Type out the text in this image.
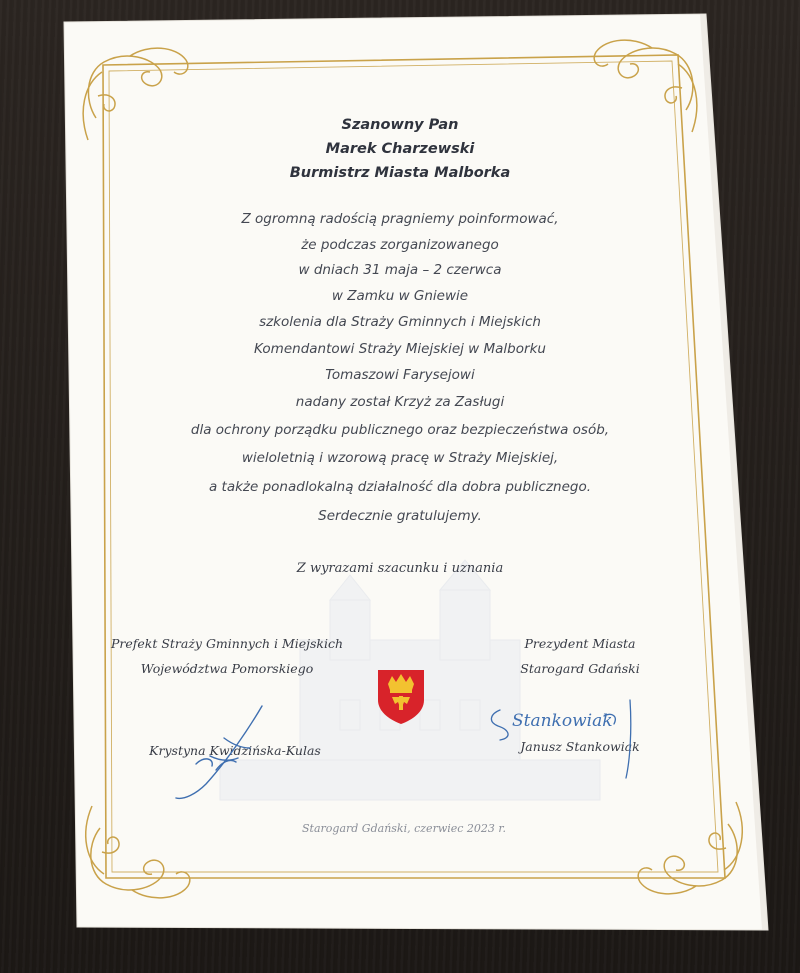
Szanowny Pan
Marek Charzewski
Burmistrz Miasta Malborka
Z ogromną radością pragniemy poinformować,
że podczas zorganizowanego
w dniach 31 maja – 2 czerwca
w Zamku w Gniewie
szkolenia dla Straży Gminnych i Miejskich
Komendantowi Straży Miejskiej w Malborku
Tomaszowi Farysejowi
nadany został Krzyż za Zasługi
dla ochrony porządku publicznego oraz bezpieczeństwa osób,
wieloletnią i wzorową pracę w Straży Miejskiej,
a także ponadlokalną działalność dla dobra publicznego.
Serdecznie gratulujemy.
Z wyrazami szacunku i uznania
Prefekt Straży Gminnych i Miejskich
Województwa Pomorskiego
Krystyna Kwidzińska-Kulas
Prezydent Miasta
Starogard Gdański
Janusz Stankowiak
Starogard Gdański, czerwiec 2023 r.
Stankowiak
